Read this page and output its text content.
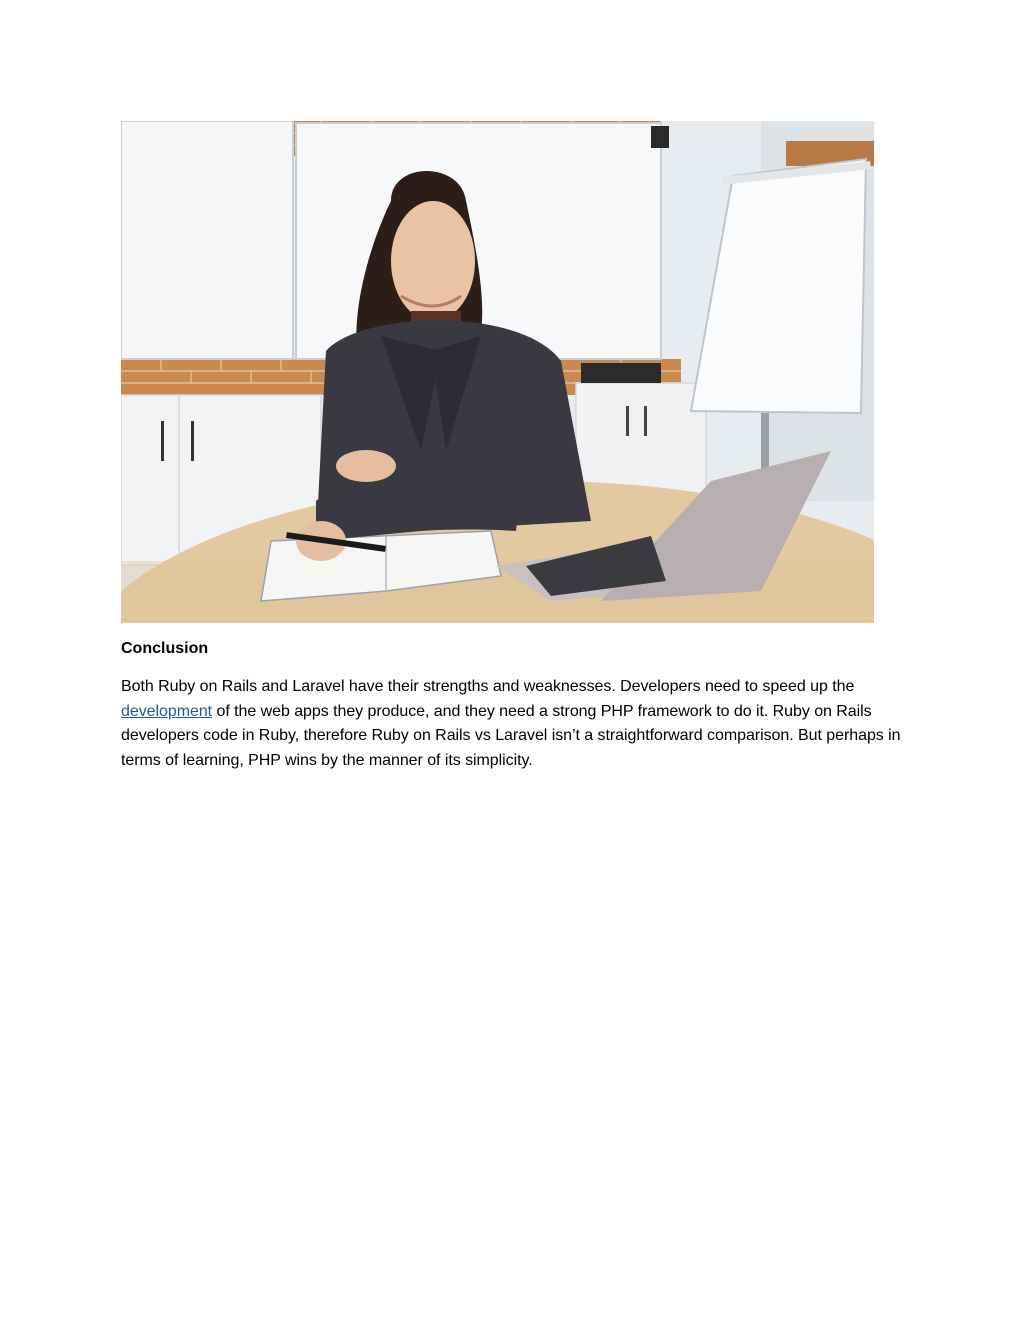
Conclusion

Both Ruby on Rails and Laravel have their strengths and weaknesses. Developers need to speed up the development of the web apps they produce, and they need a strong PHP framework to do it. Ruby on Rails developers code in Ruby, therefore Ruby on Rails vs Laravel isn’t a straightforward comparison. But perhaps in terms of learning, PHP wins by the manner of its simplicity.
